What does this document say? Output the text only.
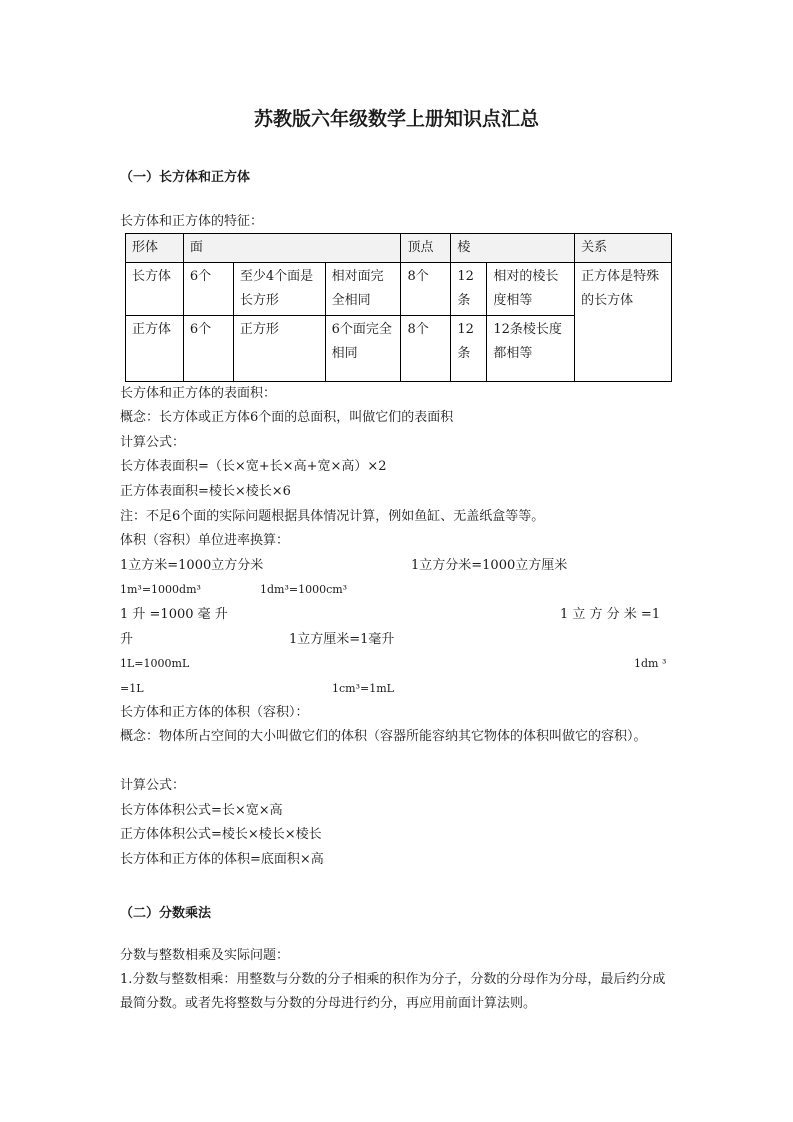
苏教版六年级数学上册知识点汇总
（一）长方体和正方体
长方体和正方体的特征：
形体	面			顶点	棱		关系
长方体	6个	至少4个面是长方形	相对面完全相同	8个	12条	相对的棱长度相等	正方体是特殊的长方体
正方体	6个	正方形	6个面完全相同	8个	12条	12条棱长度都相等	
长方体和正方体的表面积：
概念：长方体或正方体6个面的总面积，叫做它们的表面积
计算公式：
长方体表面积=（长×宽+长×高+宽×高）×2
正方体表面积=棱长×棱长×6
注：不足6个面的实际问题根据具体情况计算，例如鱼缸、无盖纸盒等等。
体积（容积）单位进率换算：
1立方米=1000立方分米	1立方分米=1000立方厘米
1m³=1000dm³	1dm³=1000cm³
1 升 =1000 毫 升	1 立 方 分 米 =1
升	1立方厘米=1毫升
1L=1000mL	1dm ³
=1L	1cm³=1mL
长方体和正方体的体积（容积）：
概念：物体所占空间的大小叫做它们的体积（容器所能容纳其它物体的体积叫做它的容积）。
计算公式：
长方体体积公式=长×宽×高
正方体体积公式=棱长×棱长×棱长
长方体和正方体的体积=底面积×高
（二）分数乘法
分数与整数相乘及实际问题：
1.分数与整数相乘：用整数与分数的分子相乘的积作为分子，分数的分母作为分母，最后约分成最简分数。或者先将整数与分数的分母进行约分，再应用前面计算法则。
